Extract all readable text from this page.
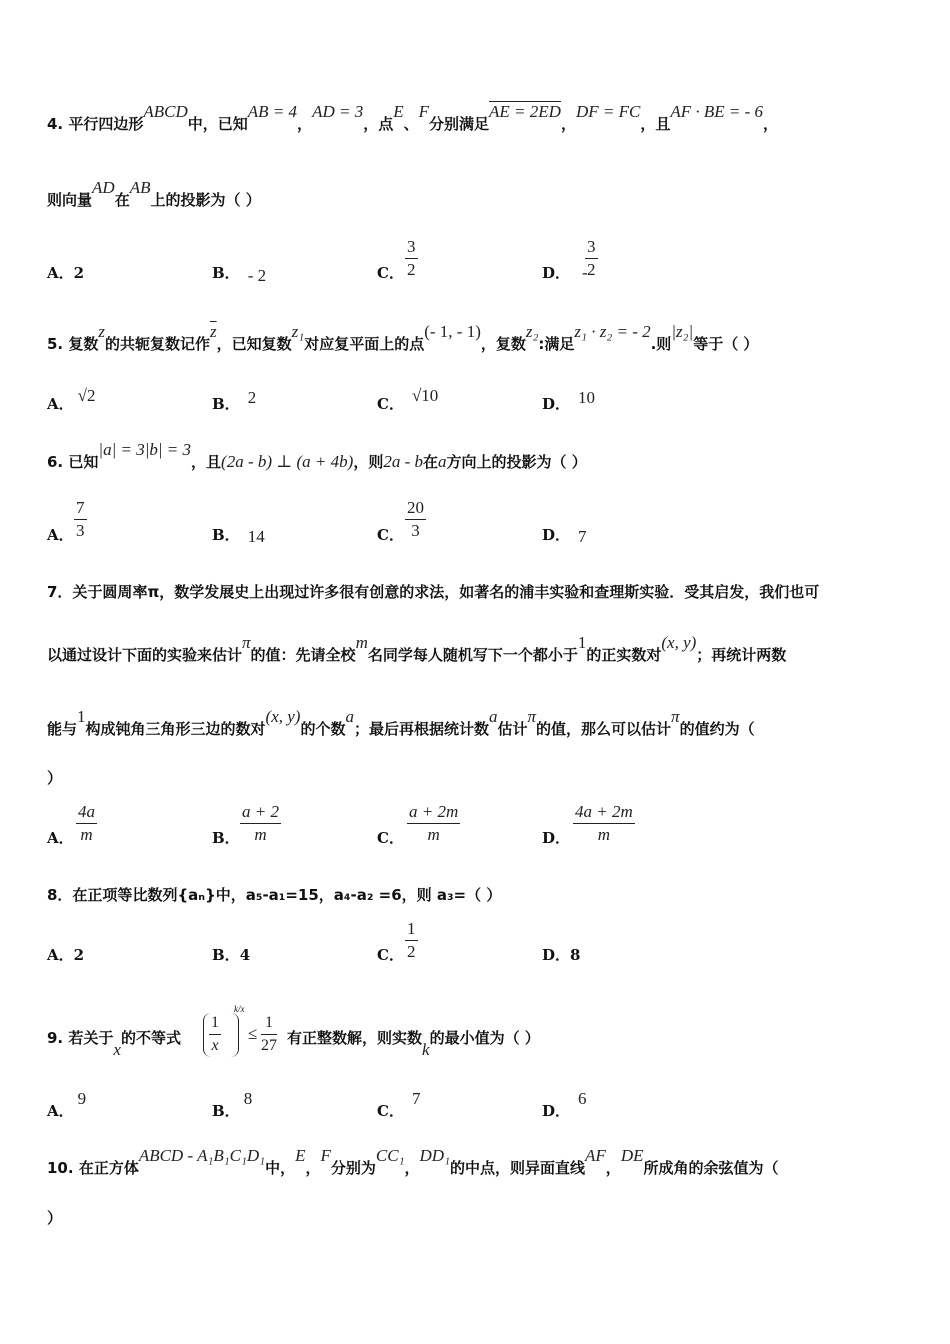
4. 平行四边形ABCD中，已知AB = 4，AD = 3，点E、F分别满足AE = 2ED，DF = FC，且AF · BE = - 6，
则向量AD在AB上的投影为（ ）
A．2	B． - 2	C． $\frac{3}{2}$	D． -
$\frac{3}{2}$
5. 复数z的共轭复数记作$\overline{z}$，已知复数z₁对应复平面上的点(- 1, - 1)，复数z₂:满足z₁ · z₂ = - 2.则|z₂|等于（ ）
A． √2	B． 2	C． √10	D． 10
6. 已知|a| = 3|b| = 3，且(2a - b) ⊥ (a + 4b)，则2a - b在a方向上的投影为（ ）
A． $\frac{7}{3}$	B． 14	C． $\frac{20}{3}$	D． 7
7．关于圆周率π，数学发展史上出现过许多很有创意的求法，如著名的浦丰实验和查理斯实验．受其启发，我们也可
以通过设计下面的实验来估计π的值：先请全校m名同学每人随机写下一个都小于1的正实数对(x, y)；再统计两数
能与1构成钝角三角形三边的数对(x, y)的个数a；最后再根据统计数a估计π的值，那么可以估计π的值约为（
）
A． $\frac{4a}{m}$	B． $\frac{a + 2}{m}$	C． $\frac{a + 2m}{m}$	D． $\frac{4a + 2m}{m}$
8．在正项等比数列{aₙ}中，a₅-a₁=15，a₄-a₂ =6，则 a₃=（ ）
A．2	B．4	C． $\frac{1}{2}$	D．8
9. 若关于x的不等式 $\frac{1}{x}$
k/x
≤ $\frac{1}{27}$ 有正整数解，则实数k的最小值为（ ）
A．9
B．8
C．7
D．6
10. 在正方体ABCD - A₁B₁C₁D₁中，E，F分别为CC₁，DD₁的中点，则异面直线AF，DE所成角的余弦值为（
）
